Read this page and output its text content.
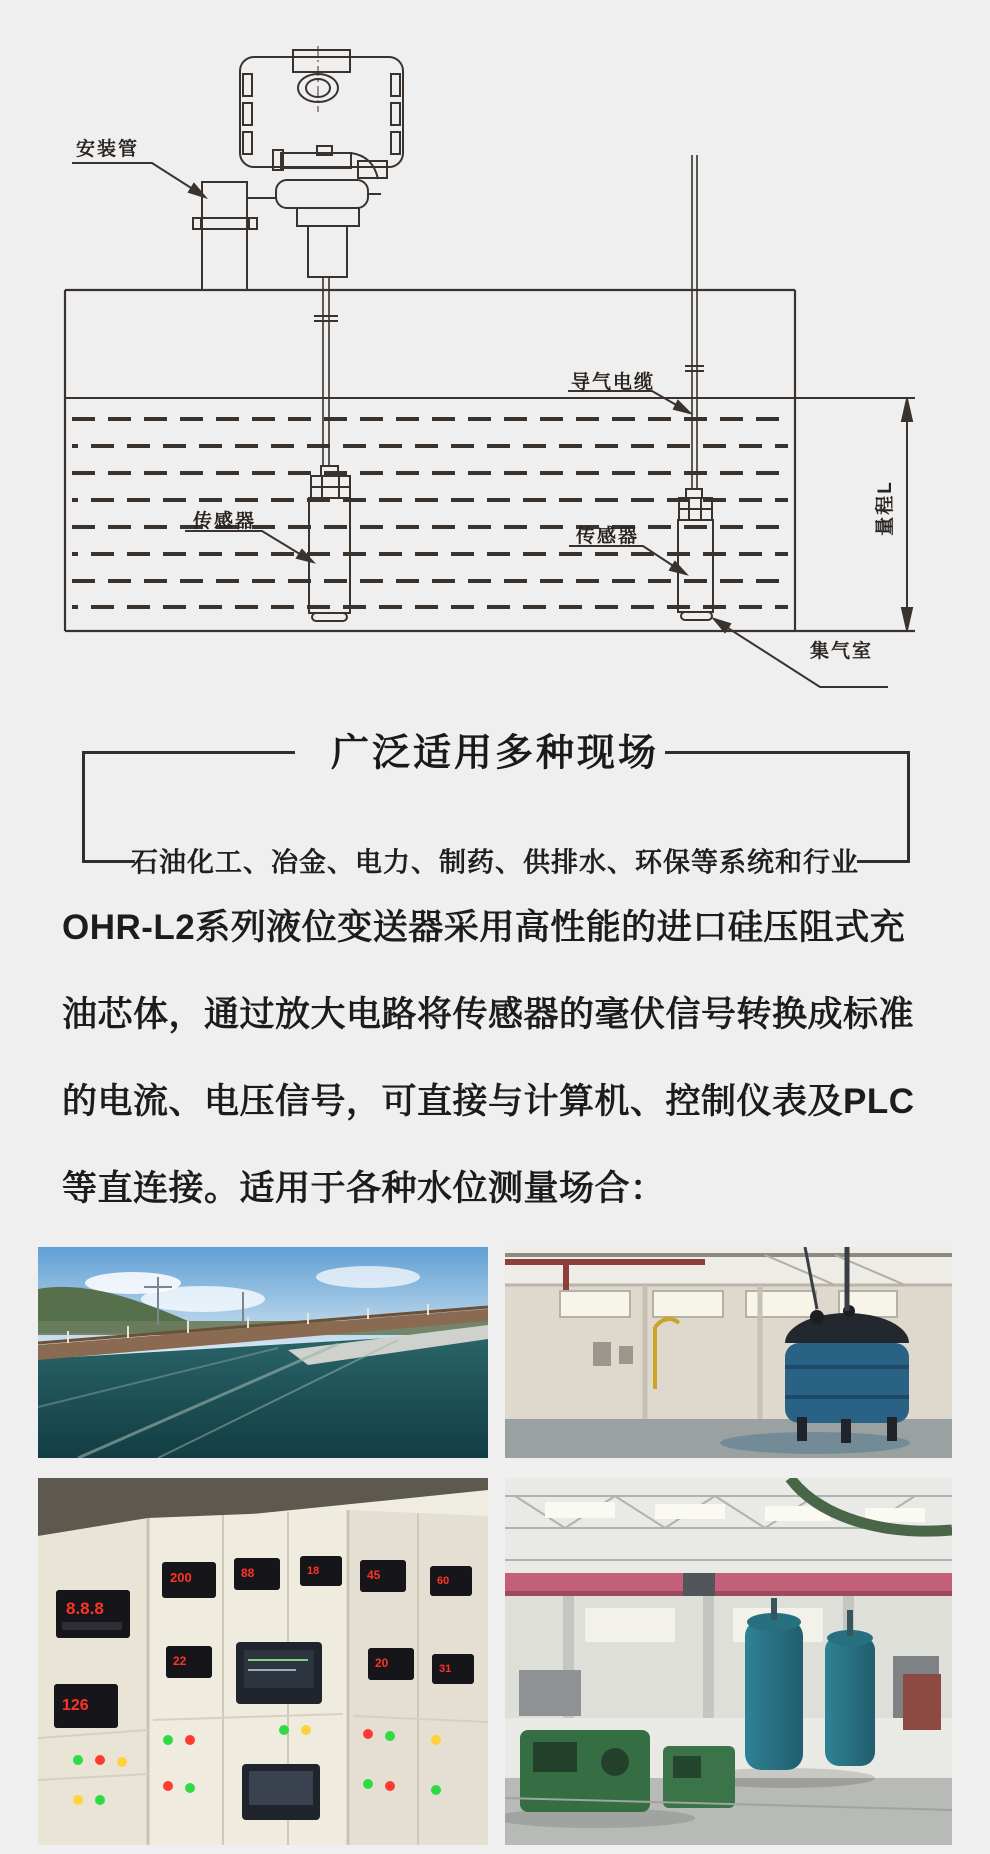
安装管
导气电缆
传感器
传感器
量程L
集气室
广泛适用多种现场
石油化工、冶金、电力、制药、供排水、环保等系统和行业
OHR-L2系列液位变送器采用高性能的进口硅压阻式充
油芯体，通过放大电路将传感器的毫伏信号转换成标准
的电流、电压信号，可直接与计算机、控制仪表及PLC
等直连接。适用于各种水位测量场合：
8.8.8
200	88	18	45	60
126
22	20	31
